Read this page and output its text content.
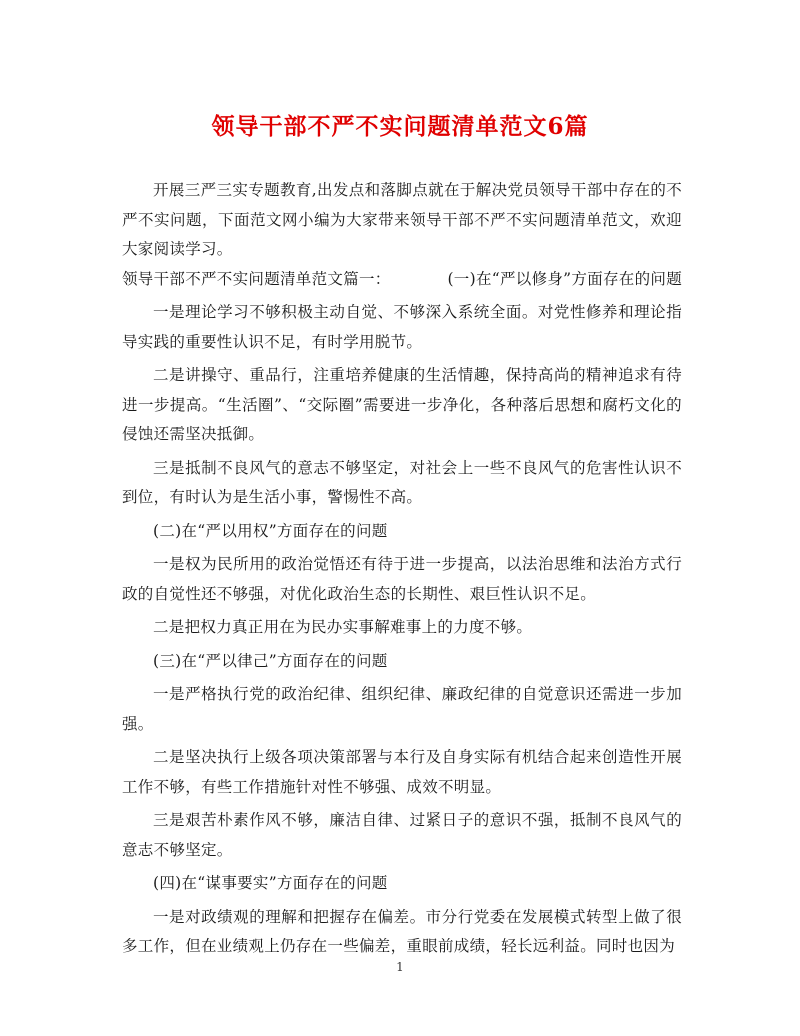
领导干部不严不实问题清单范文6篇

开展三严三实专题教育,出发点和落脚点就在于解决党员领导干部中存在的不严不实问题，下面范文网小编为大家带来领导干部不严不实问题清单范文，欢迎大家阅读学习。

领导干部不严不实问题清单范文篇一：	(一)在“严以修身”方面存在的问题

一是理论学习不够积极主动自觉、不够深入系统全面。对党性修养和理论指导实践的重要性认识不足，有时学用脱节。

二是讲操守、重品行，注重培养健康的生活情趣，保持高尚的精神追求有待进一步提高。“生活圈”、“交际圈”需要进一步净化，各种落后思想和腐朽文化的侵蚀还需坚决抵御。

三是抵制不良风气的意志不够坚定，对社会上一些不良风气的危害性认识不到位，有时认为是生活小事，警惕性不高。

(二)在“严以用权”方面存在的问题

一是权为民所用的政治觉悟还有待于进一步提高，以法治思维和法治方式行政的自觉性还不够强，对优化政治生态的长期性、艰巨性认识不足。

二是把权力真正用在为民办实事解难事上的力度不够。

(三)在“严以律己”方面存在的问题

一是严格执行党的政治纪律、组织纪律、廉政纪律的自觉意识还需进一步加强。

二是坚决执行上级各项决策部署与本行及自身实际有机结合起来创造性开展工作不够，有些工作措施针对性不够强、成效不明显。

三是艰苦朴素作风不够，廉洁自律、过紧日子的意识不强，抵制不良风气的意志不够坚定。

(四)在“谋事要实”方面存在的问题

一是对政绩观的理解和把握存在偏差。市分行党委在发展模式转型上做了很多工作，但在业绩观上仍存在一些偏差，重眼前成绩，轻长远利益。同时也因为

1
